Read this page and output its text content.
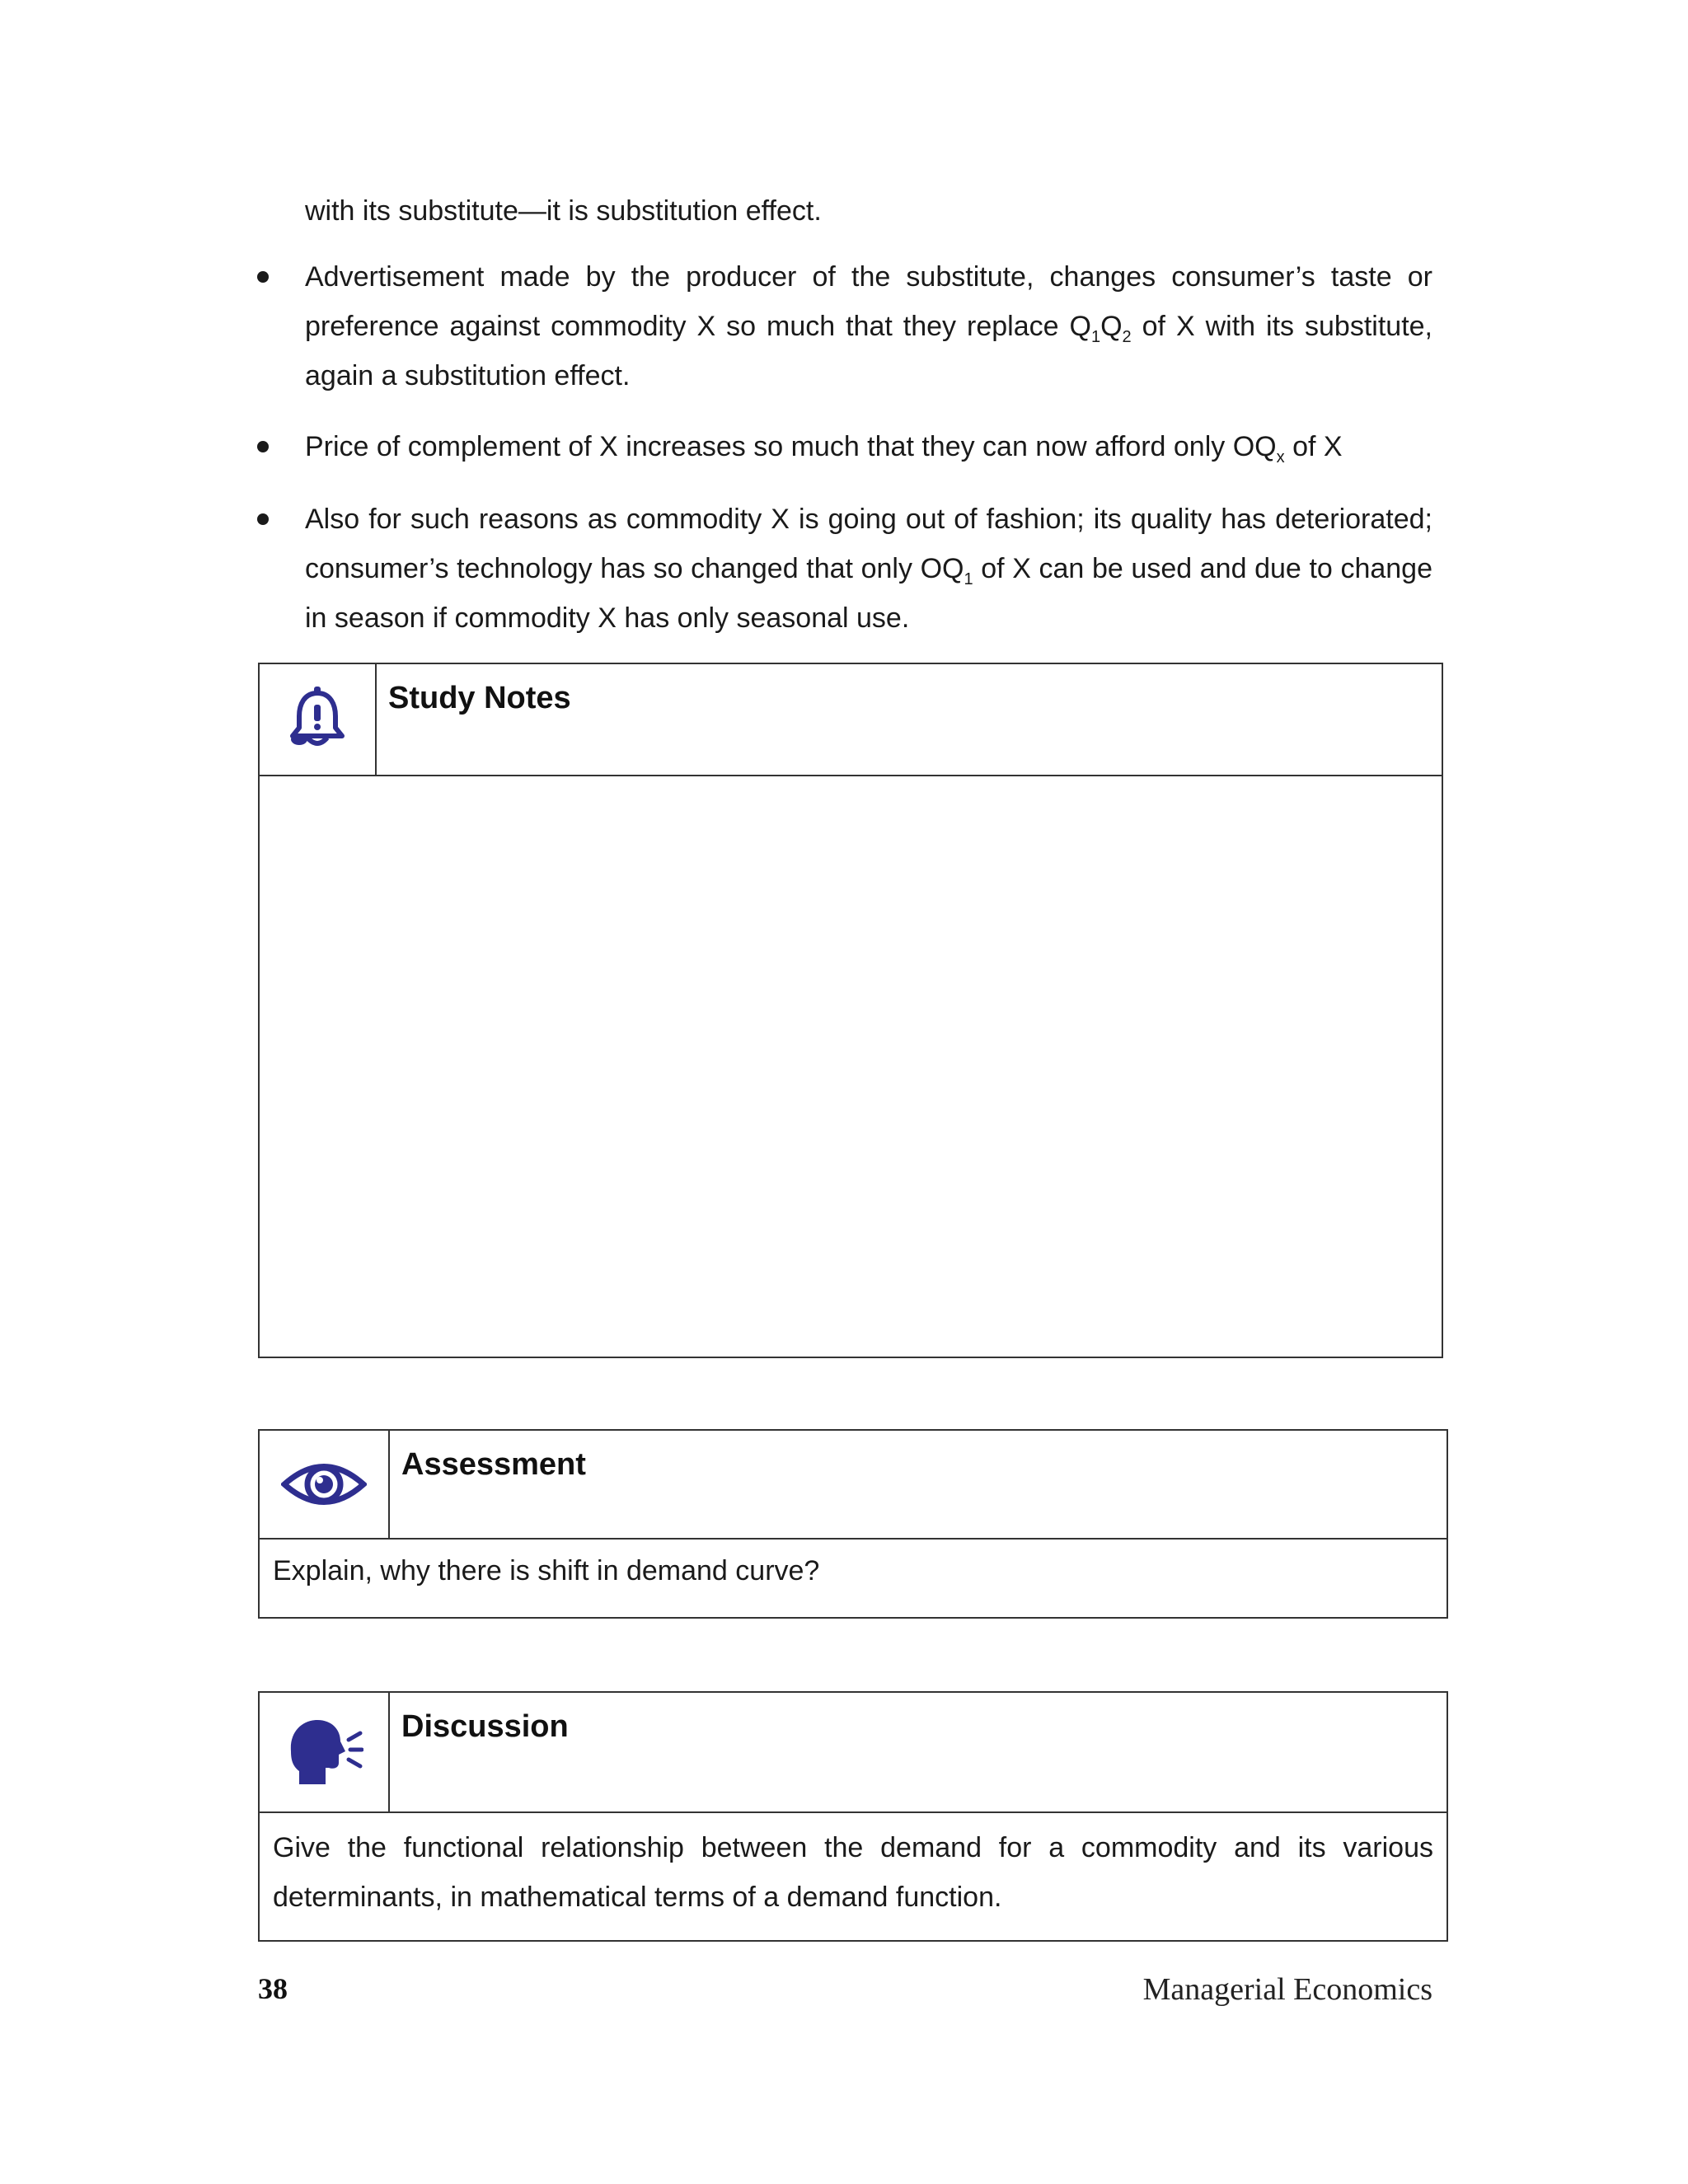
with its substitute—it is substitution effect.
Advertisement made by the producer of the substitute, changes consumer’s taste or preference against commodity X so much that they replace $Q_1Q_2$ of X with its substitute, again a substitution effect.
Price of complement of X increases so much that they can now afford only $OQ_x$ of X
Also for such reasons as commodity X is going out of fashion; its quality has deteriorated; consumer’s technology has so changed that only $OQ_1$ of X can be used and due to change in season if commodity X has only seasonal use.
Study Notes
Assessment
Explain, why there is shift in demand curve?
Discussion
Give the functional relationship between the demand for a commodity and its various determinants, in mathematical terms of a demand function.
38	Managerial Economics
